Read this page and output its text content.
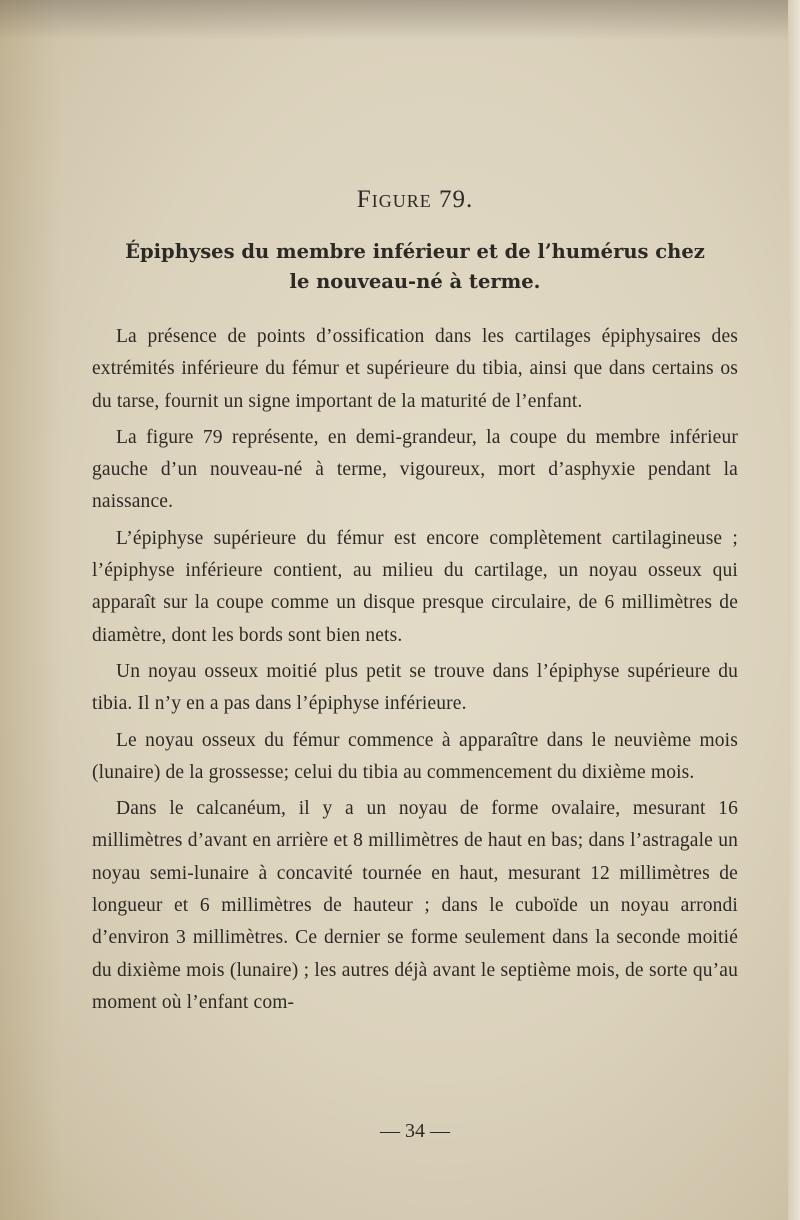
Figure 79.
Épiphyses du membre inférieur et de l’humérus chez
le nouveau-né à terme.

La présence de points d’ossification dans les cartilages épiphysaires des extrémités inférieure du fémur et supérieure du tibia, ainsi que dans certains os du tarse, fournit un signe important de la maturité de l’enfant.

La figure 79 représente, en demi-grandeur, la coupe du membre inférieur gauche d’un nouveau-né à terme, vigoureux, mort d’asphyxie pendant la naissance.

L’épiphyse supérieure du fémur est encore complètement cartilagineuse ; l’épiphyse inférieure contient, au milieu du cartilage, un noyau osseux qui apparaît sur la coupe comme un disque presque circulaire, de 6 millimètres de diamètre, dont les bords sont bien nets.

Un noyau osseux moitié plus petit se trouve dans l’épiphyse supérieure du tibia. Il n’y en a pas dans l’épiphyse inférieure.

Le noyau osseux du fémur commence à apparaître dans le neuvième mois (lunaire) de la grossesse; celui du tibia au commencement du dixième mois.

Dans le calcanéum, il y a un noyau de forme ovalaire, mesurant 16 millimètres d’avant en arrière et 8 millimètres de haut en bas; dans l’astragale un noyau semi-lunaire à concavité tournée en haut, mesurant 12 millimètres de longueur et 6 millimètres de hauteur ; dans le cuboïde un noyau arrondi d’environ 3 millimètres. Ce dernier se forme seulement dans la seconde moitié du dixième mois (lunaire) ; les autres déjà avant le septième mois, de sorte qu’au moment où l’enfant com-

— 34 —
